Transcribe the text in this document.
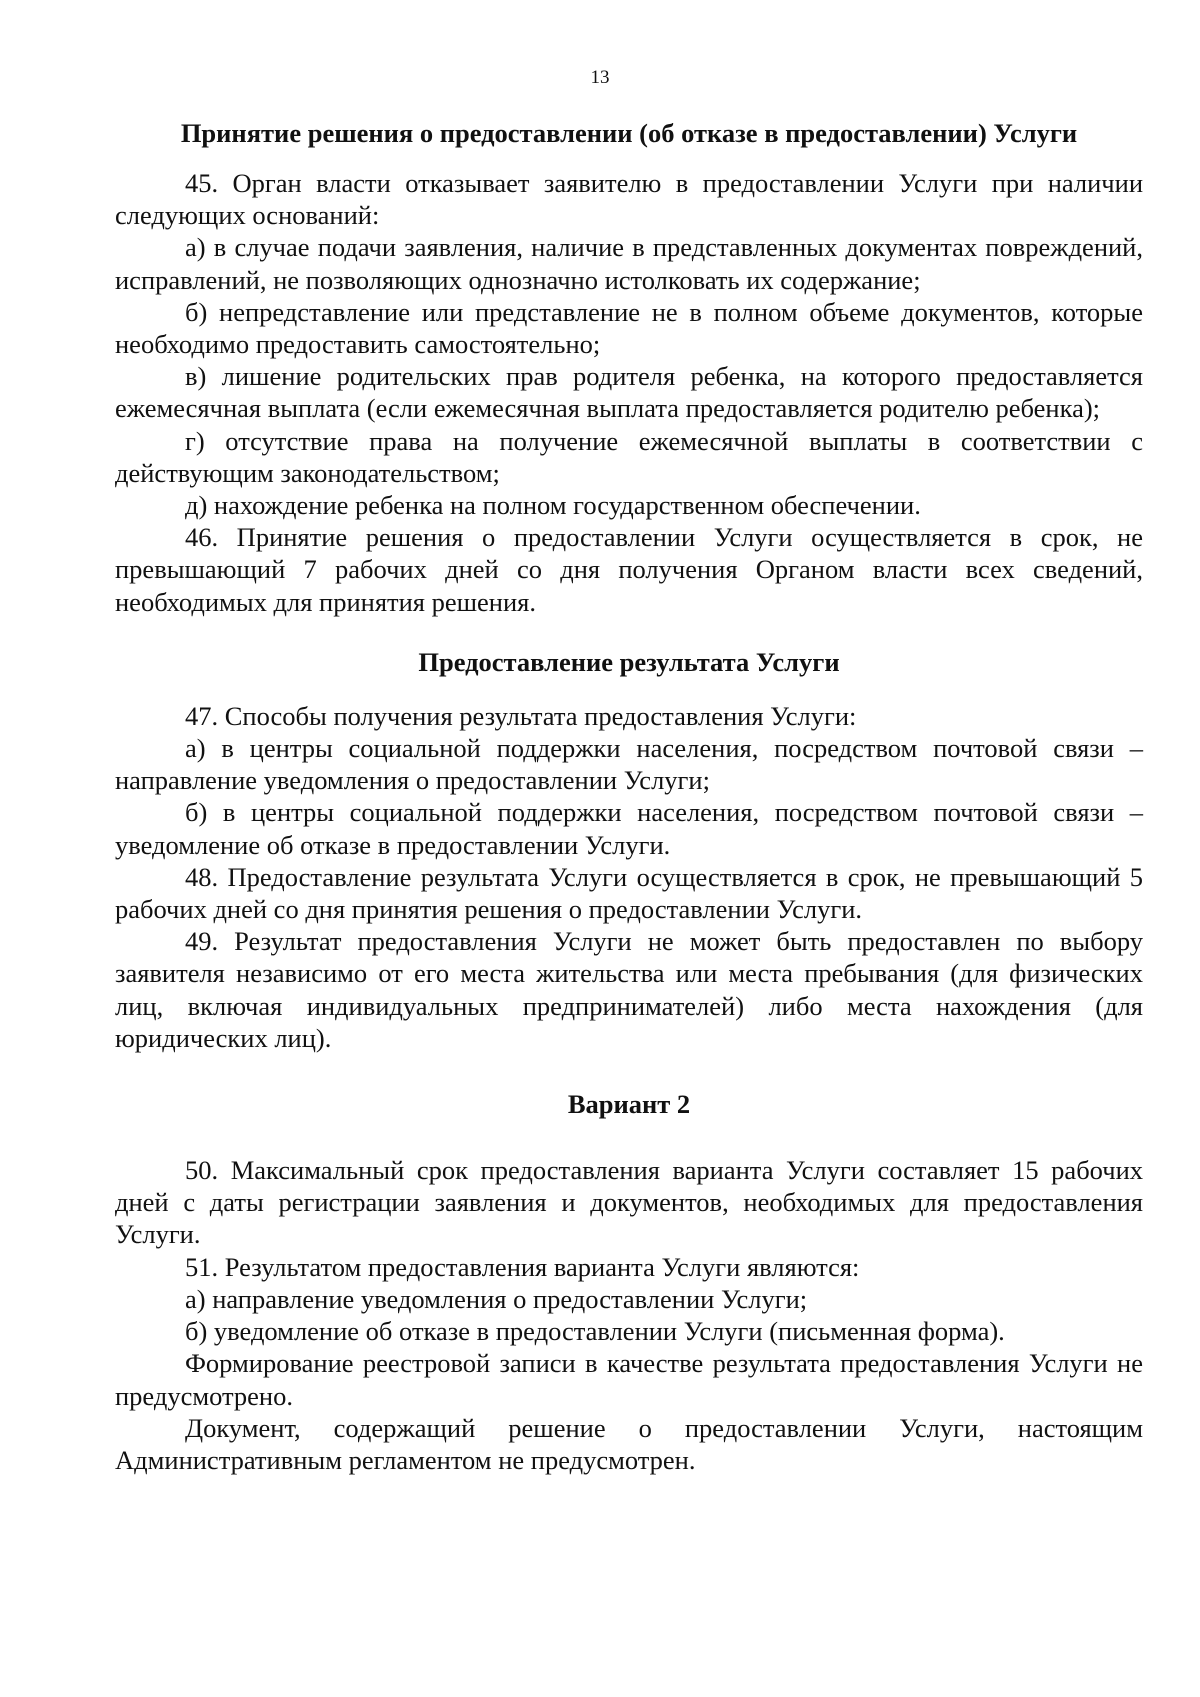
13
Принятие решения о предоставлении (об отказе в предоставлении) Услуги

45. Орган власти отказывает заявителю в предоставлении Услуги при наличии следующих оснований:

а) в случае подачи заявления, наличие в представленных документах повреждений, исправлений, не позволяющих однозначно истолковать их содержание;

б) непредставление или представление не в полном объеме документов, которые необходимо предоставить самостоятельно;

в) лишение родительских прав родителя ребенка, на которого предоставляется ежемесячная выплата (если ежемесячная выплата предоставляется родителю ребенка);

г) отсутствие права на получение ежемесячной выплаты в соответствии с действующим законодательством;

д) нахождение ребенка на полном государственном обеспечении.

46. Принятие решения о предоставлении Услуги осуществляется в срок, не превышающий 7 рабочих дней со дня получения Органом власти всех сведений, необходимых для принятия решения.

Предоставление результата Услуги

47. Способы получения результата предоставления Услуги:

а) в центры социальной поддержки населения, посредством почтовой связи – направление уведомления о предоставлении Услуги;

б) в центры социальной поддержки населения, посредством почтовой связи – уведомление об отказе в предоставлении Услуги.

48. Предоставление результата Услуги осуществляется в срок, не превышающий 5 рабочих дней со дня принятия решения о предоставлении Услуги.

49. Результат предоставления Услуги не может быть предоставлен по выбору заявителя независимо от его места жительства или места пребывания (для физических лиц, включая индивидуальных предпринимателей) либо места нахождения (для юридических лиц).

Вариант 2

50. Максимальный срок предоставления варианта Услуги составляет 15 рабочих дней с даты регистрации заявления и документов, необходимых для предоставления Услуги.

51. Результатом предоставления варианта Услуги являются:

а) направление уведомления о предоставлении Услуги;

б) уведомление об отказе в предоставлении Услуги (письменная форма).

Формирование реестровой записи в качестве результата предоставления Услуги не предусмотрено.

Документ, содержащий решение о предоставлении Услуги, настоящим Административным регламентом не предусмотрен.
